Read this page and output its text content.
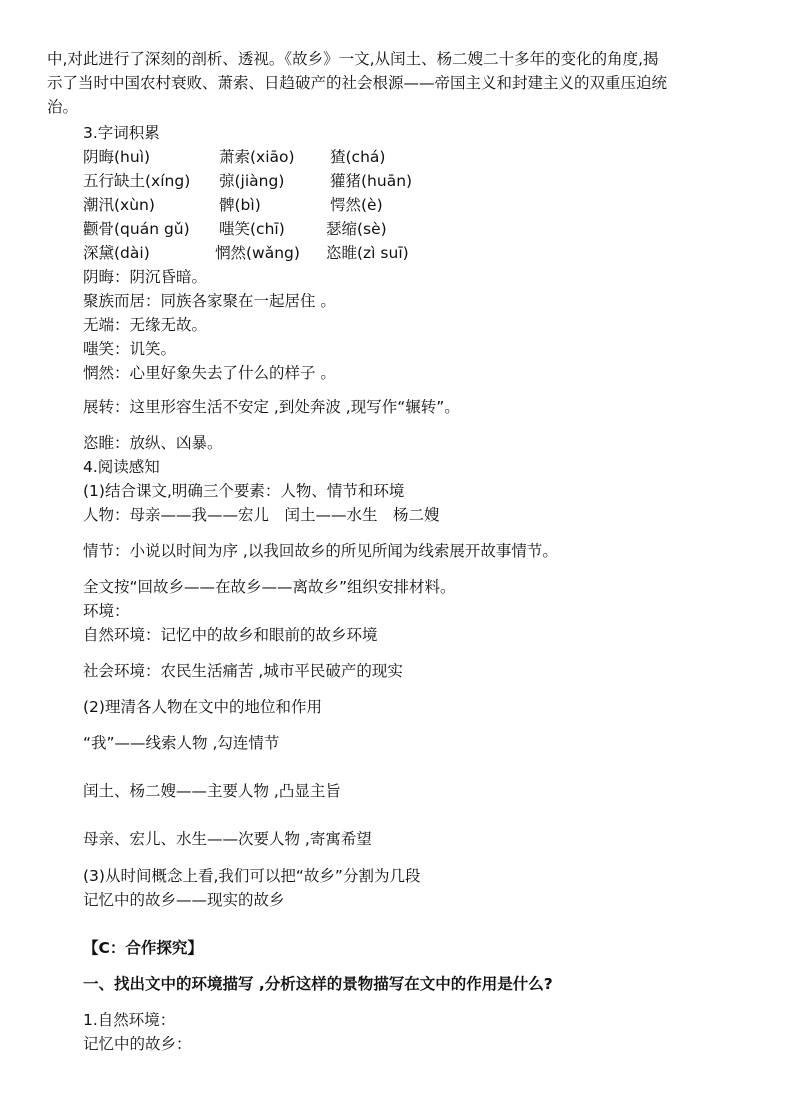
中,对此进行了深刻的剖析、透视。《故乡》一文,从闰土、杨二嫂二十多年的变化的角度,揭
示了当时中国农村衰败、萧索、日趋破产的社会根源——帝国主义和封建主义的双重压迫统
治。
3.字词积累
阴晦(huì)	萧索(xiāo) 猹(chá)
五行缺土(xíng) 弶(jiàng)	獾猪(huān)
潮汛(xùn)	髀(bì)	愕然(è)
颧骨(quán gǔ) 嗤笑(chī)	瑟缩(sè)
深黛(dài)	惘然(wǎng) 恣睢(zì suī)
阴晦：阴沉昏暗。
聚族而居：同族各家聚在一起居住 。
无端：无缘无故。
嗤笑：讥笑。
惘然：心里好象失去了什么的样子 。
展转：这里形容生活不安定 ,到处奔波 ,现写作“辗转”。
恣睢：放纵、凶暴。
4.阅读感知
(1)结合课文,明确三个要素：人物、情节和环境
人物：母亲——我——宏儿　闰土——水生　杨二嫂
情节：小说以时间为序 ,以我回故乡的所见所闻为线索展开故事情节。
全文按“回故乡——在故乡——离故乡”组织安排材料。
环境：
自然环境：记忆中的故乡和眼前的故乡环境
社会环境：农民生活痛苦 ,城市平民破产的现实
(2)理清各人物在文中的地位和作用
“我”——线索人物 ,勾连情节
闰土、杨二嫂——主要人物 ,凸显主旨
母亲、宏儿、水生——次要人物 ,寄寓希望
(3)从时间概念上看,我们可以把“故乡”分割为几段
记忆中的故乡——现实的故乡
【C：合作探究】
一、找出文中的环境描写 ,分析这样的景物描写在文中的作用是什么?
1.自然环境：
记忆中的故乡：
